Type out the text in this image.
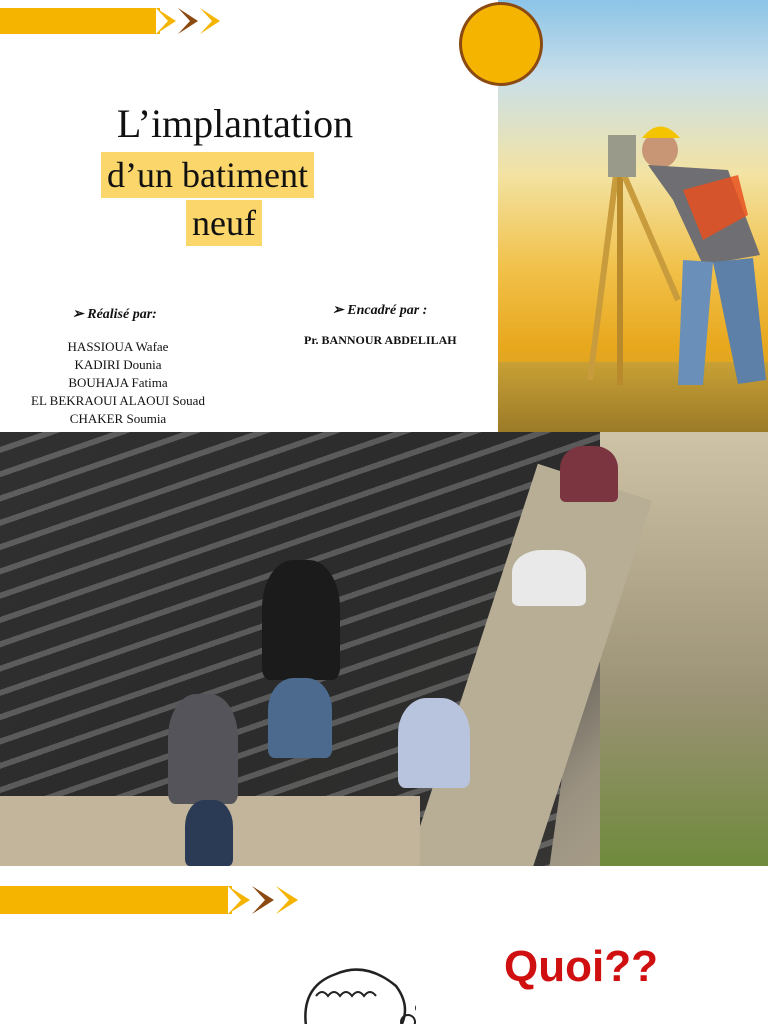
L’implantation
d’un batiment
neuf
➢ Réalisé par:
HASSIOUA Wafae
KADIRI Dounia
BOUHAJA Fatima
EL BEKRAOUI ALAOUI Souad
CHAKER Soumia
➢ Encadré par :
Pr. BANNOUR ABDELILAH
Quoi??
